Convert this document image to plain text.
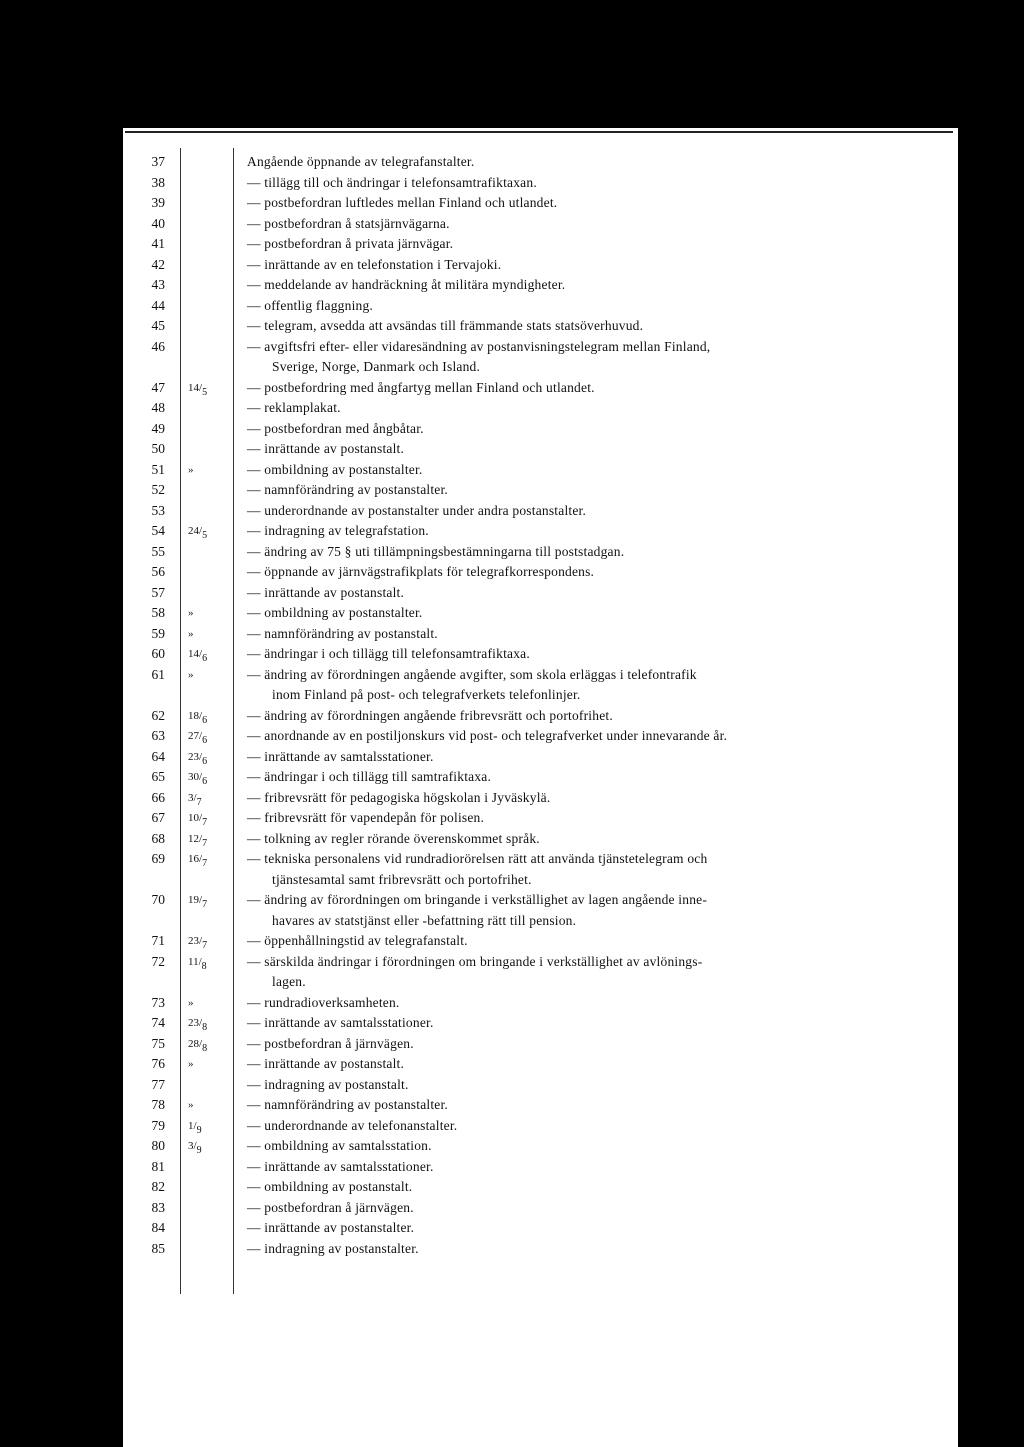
37	Angående öppnande av telegrafanstalter.
38	— tillägg till och ändringar i telefonsamtrafiktaxan.
39	— postbefordran luftledes mellan Finland och utlandet.
40	— postbefordran å statsjärnvägarna.
41	— postbefordran å privata järnvägar.
42	— inrättande av en telefonstation i Tervajoki.
43	— meddelande av handräckning åt militära myndigheter.
44	— offentlig flaggning.
45	— telegram, avsedda att avsändas till främmande stats statsöverhuvud.
46	— avgiftsfri efter- eller vidaresändning av postanvisningstelegram mellan Finland,
Sverige, Norge, Danmark och Island.
47 14/5	— postbefordring med ångfartyg mellan Finland och utlandet.
48	— reklamplakat.
49	— postbefordran med ångbåtar.
50	— inrättande av postanstalt.
51 »	— ombildning av postanstalter.
52	— namnförändring av postanstalter.
53	— underordnande av postanstalter under andra postanstalter.
54 24/5	— indragning av telegrafstation.
55	— ändring av 75 § uti tillämpningsbestämningarna till poststadgan.
56	— öppnande av järnvägstrafikplats för telegrafkorrespondens.
57	— inrättande av postanstalt.
58 »	— ombildning av postanstalter.
59 »	— namnförändring av postanstalt.
60 14/6	— ändringar i och tillägg till telefonsamtrafiktaxa.
61 »	— ändring av förordningen angående avgifter, som skola erläggas i telefontrafik
inom Finland på post- och telegrafverkets telefonlinjer.
62 18/6	— ändring av förordningen angående fribrevsrätt och portofrihet.
63 27/6	— anordnande av en postiljonskurs vid post- och telegrafverket under innevarande år.
64 23/6	— inrättande av samtalsstationer.
65 30/6	— ändringar i och tillägg till samtrafiktaxa.
66 3/7	— fribrevsrätt för pedagogiska högskolan i Jyväskylä.
67 10/7	— fribrevsrätt för vapendepån för polisen.
68 12/7	— tolkning av regler rörande överenskommet språk.
69 16/7	— tekniska personalens vid rundradiorörelsen rätt att använda tjänstetelegram och
tjänstesamtal samt fribrevsrätt och portofrihet.
70 19/7	— ändring av förordningen om bringande i verkställighet av lagen angående inne-
havares av statstjänst eller -befattning rätt till pension.
71 23/7	— öppenhållningstid av telegrafanstalt.
72 11/8	— särskilda ändringar i förordningen om bringande i verkställighet av avlönings-
lagen.
73 »	— rundradioverksamheten.
74 23/8	— inrättande av samtalsstationer.
75 28/8	— postbefordran å järnvägen.
76 »	— inrättande av postanstalt.
77	— indragning av postanstalt.
78 »	— namnförändring av postanstalter.
79 1/9	— underordnande av telefonanstalter.
80 3/9	— ombildning av samtalsstation.
81	— inrättande av samtalsstationer.
82	— ombildning av postanstalt.
83	— postbefordran å järnvägen.
84	— inrättande av postanstalter.
85	— indragning av postanstalter.
